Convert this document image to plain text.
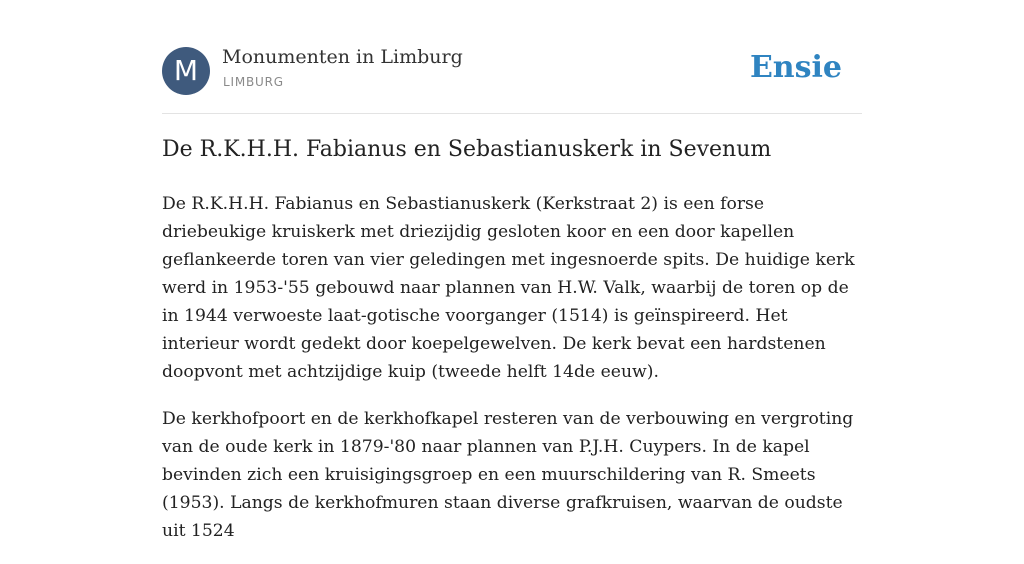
M	Monumenten in Limburg
LIMBURG	Ensie
De R.K.H.H. Fabianus en Sebastianuskerk in Sevenum

De R.K.H.H. Fabianus en Sebastianuskerk (Kerkstraat 2) is een forse driebeukige kruiskerk met driezijdig gesloten koor en een door kapellen geflankeerde toren van vier geledingen met ingesnoerde spits. De huidige kerk werd in 1953-'55 gebouwd naar plannen van H.W. Valk, waarbij de toren op de in 1944 verwoeste laat-gotische voorganger (1514) is geïnspireerd. Het interieur wordt gedekt door koepelgewelven. De kerk bevat een hardstenen doopvont met achtzijdige kuip (tweede helft 14de eeuw).

De kerkhofpoort en de kerkhofkapel resteren van de verbouwing en vergroting van de oude kerk in 1879-'80 naar plannen van P.J.H. Cuypers. In de kapel bevinden zich een kruisigingsgroep en een muurschildering van R. Smeets (1953). Langs de kerkhofmuren staan diverse grafkruisen, waarvan de oudste uit 1524
